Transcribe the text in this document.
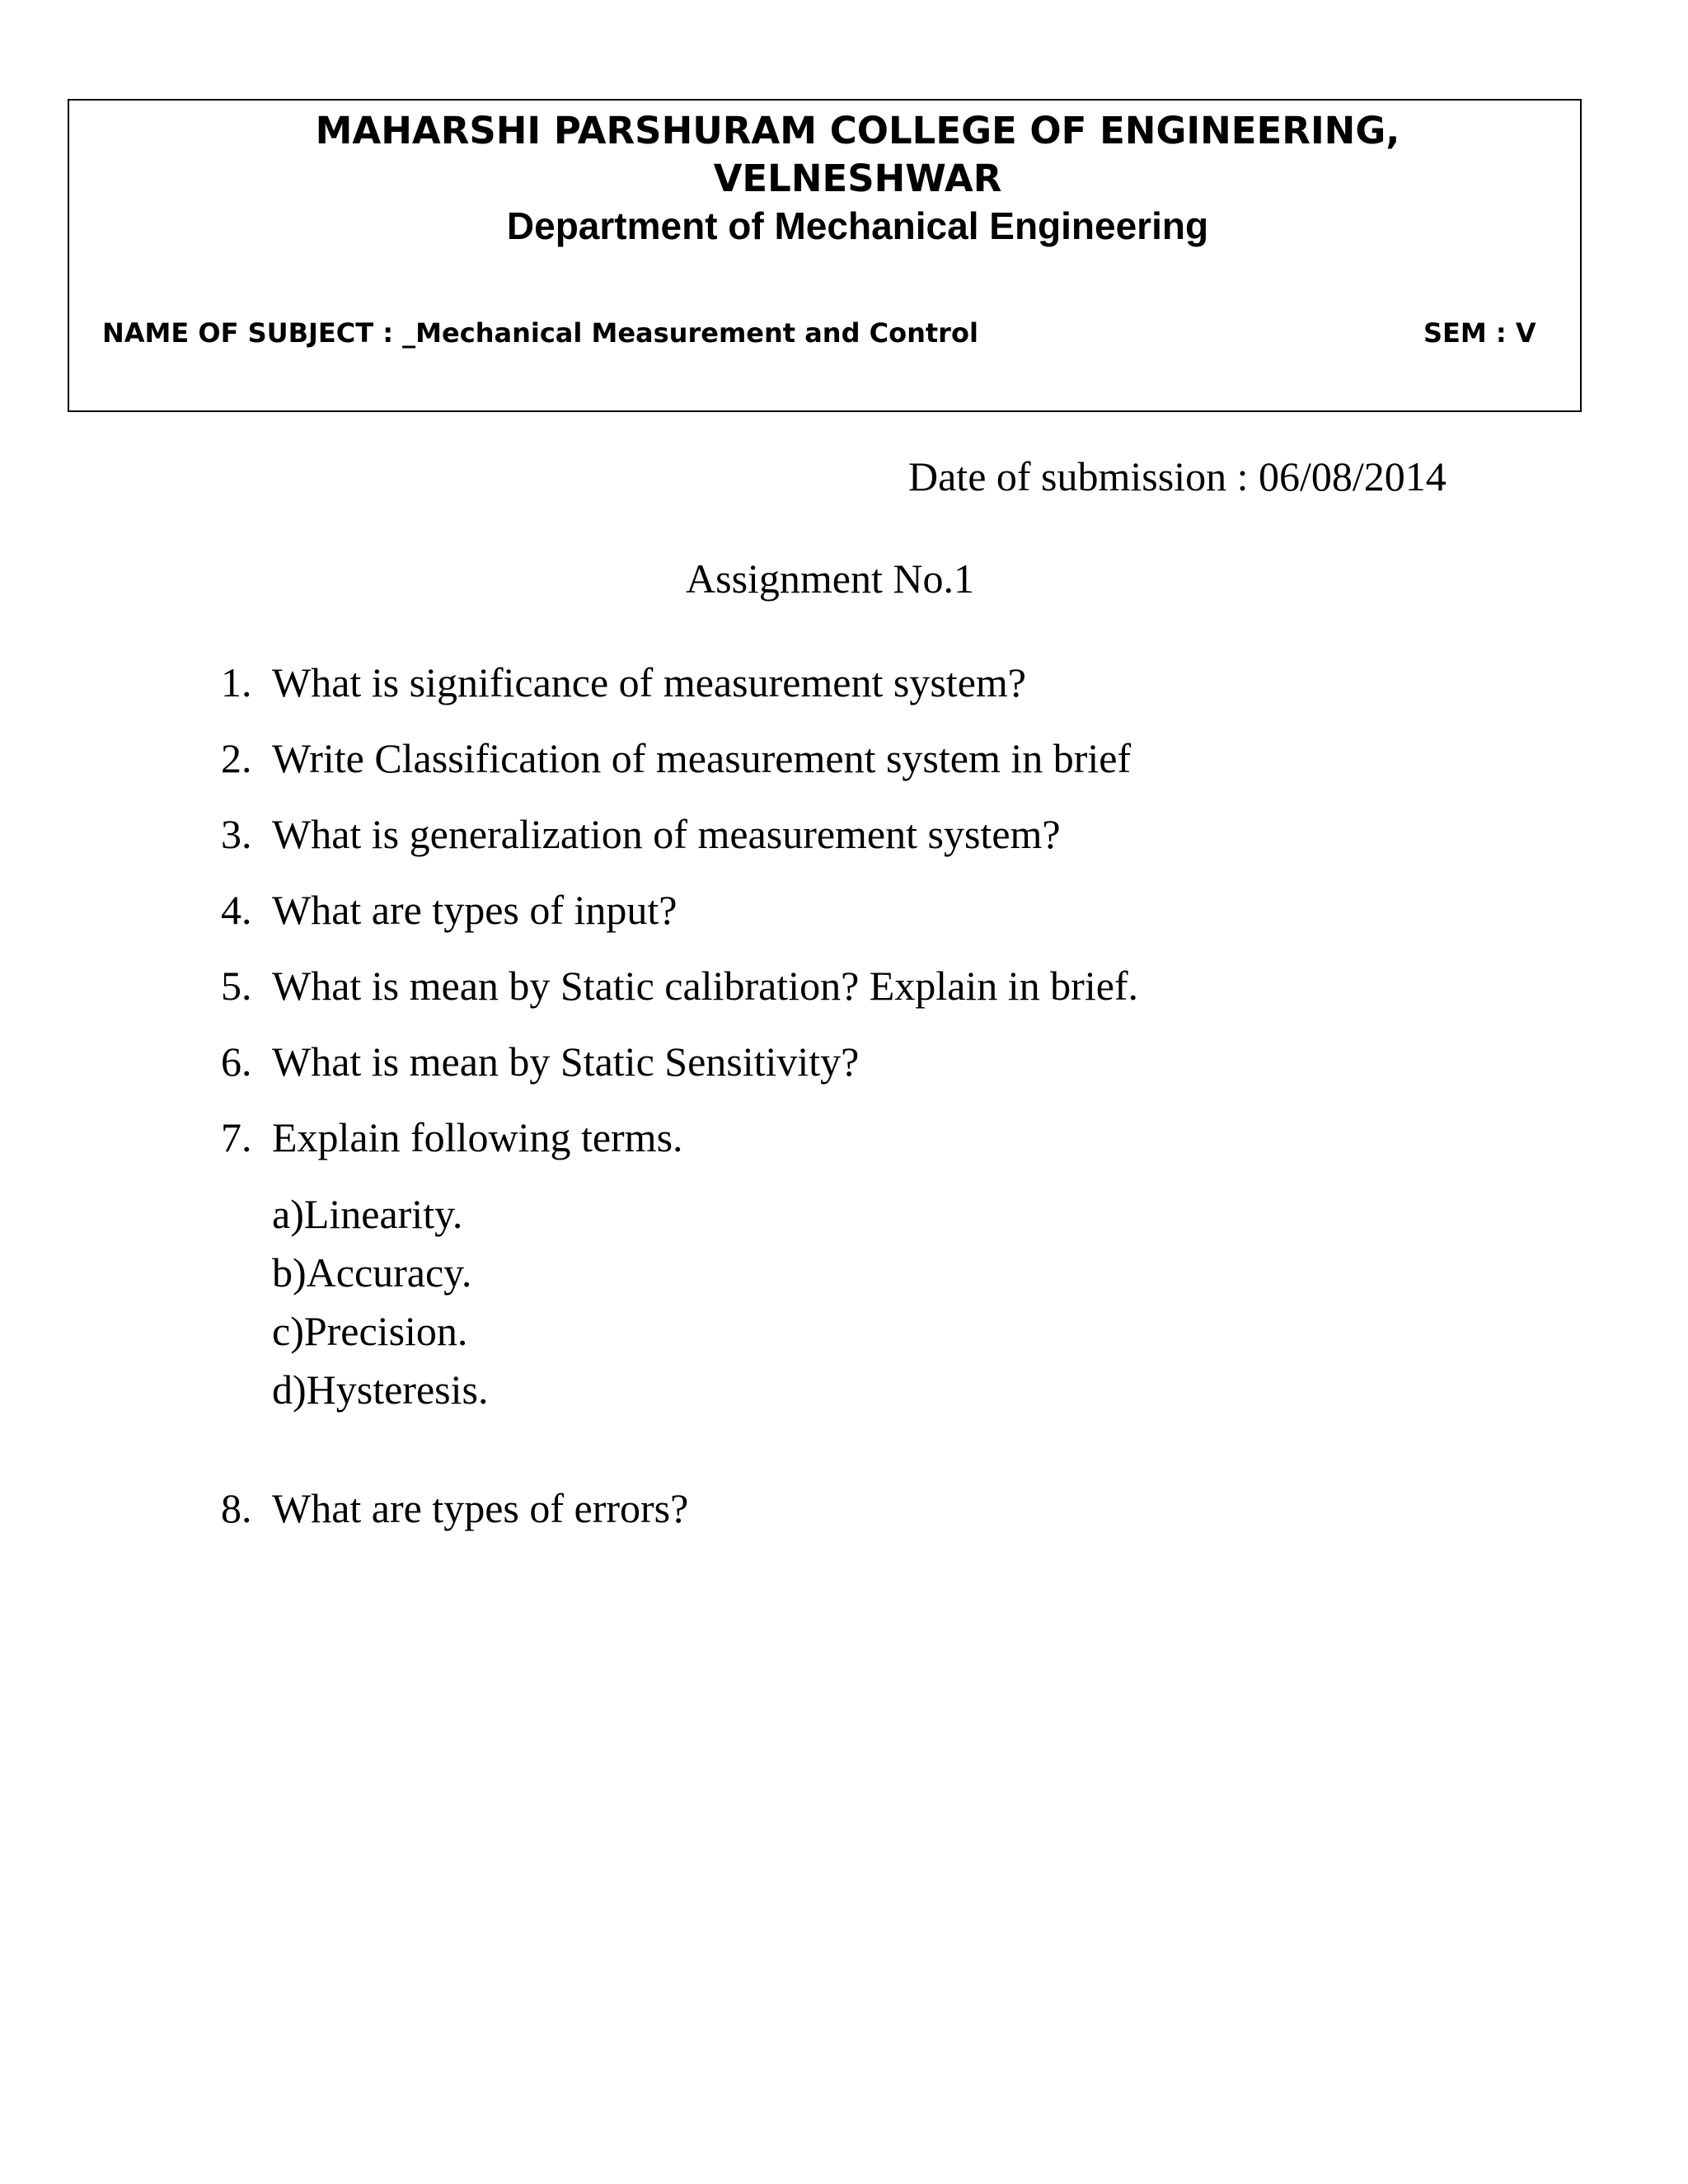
MAHARSHI PARSHURAM COLLEGE OF ENGINEERING,
VELNESHWAR
Department of Mechanical Engineering
NAME OF SUBJECT : _Mechanical Measurement and Control	SEM : V
Date of submission : 06/08/2014
Assignment No.1
1. What is significance of measurement system?
2. Write Classification of measurement system in brief
3. What is generalization of measurement system?
4. What are types of input?
5. What is mean by Static calibration? Explain in brief.
6. What is mean by Static Sensitivity?
7. Explain following terms.
a)Linearity.
b)Accuracy.
c)Precision.
d)Hysteresis.
8. What are types of errors?
